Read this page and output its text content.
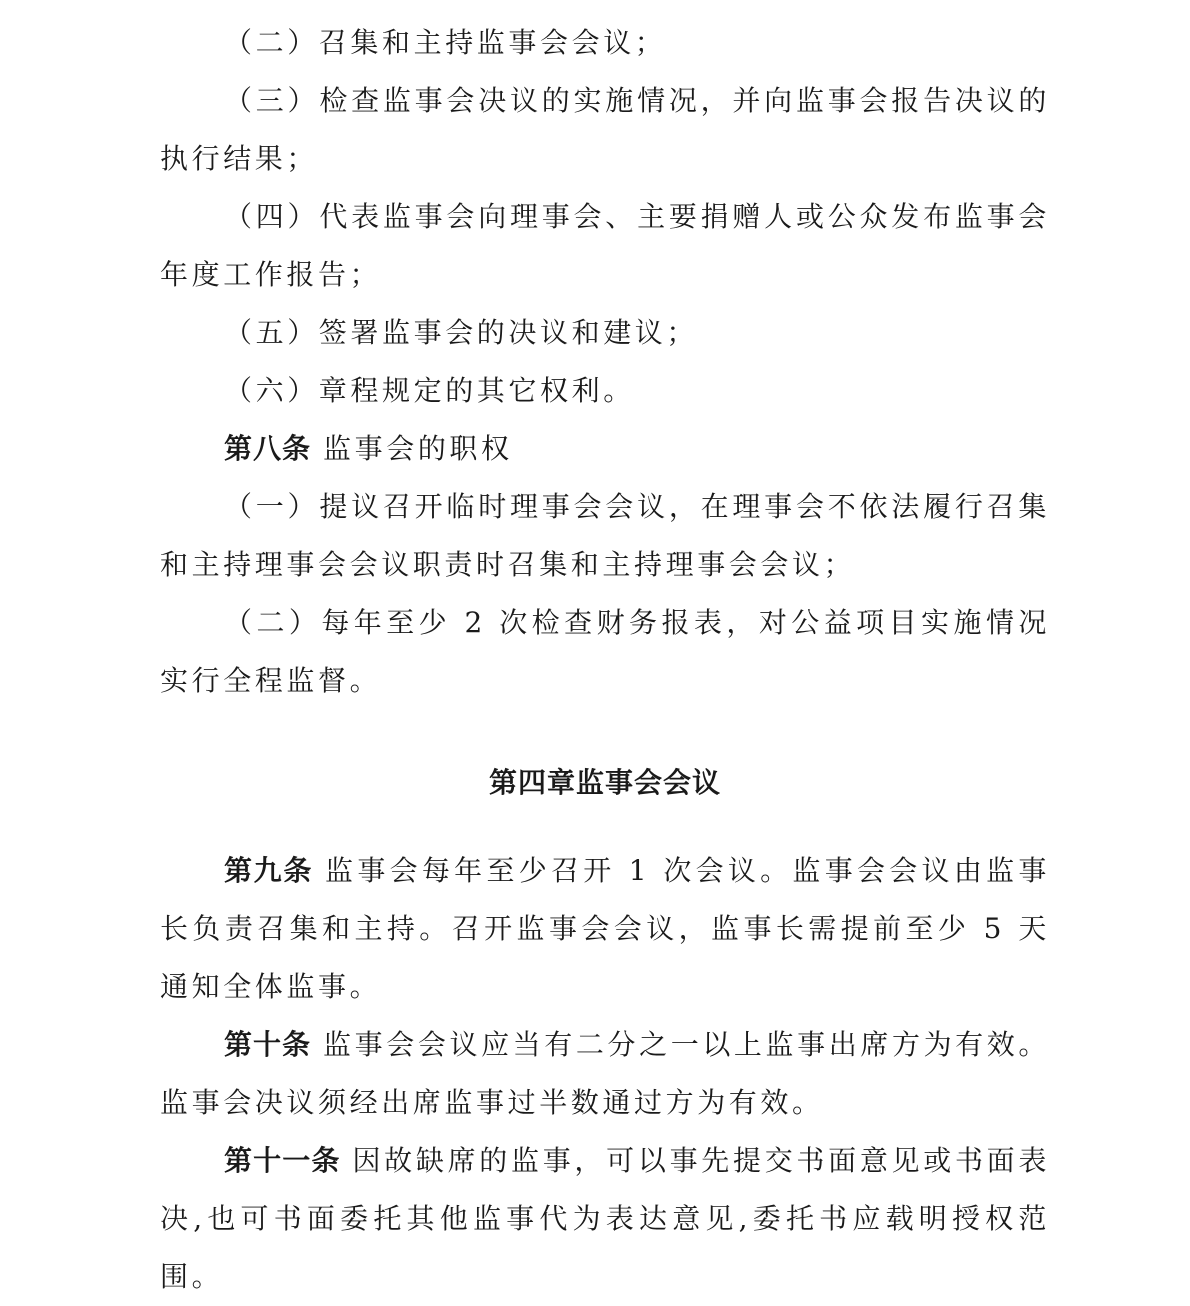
（二）召集和主持监事会会议；

（三）检查监事会决议的实施情况，并向监事会报告决议的执行结果；

（四）代表监事会向理事会、主要捐赠人或公众发布监事会年度工作报告；

（五）签署监事会的决议和建议；

（六）章程规定的其它权利。

第八条 监事会的职权

（一）提议召开临时理事会会议，在理事会不依法履行召集和主持理事会会议职责时召集和主持理事会会议；

（二）每年至少 2 次检查财务报表，对公益项目实施情况实行全程监督。

第四章监事会会议

第九条 监事会每年至少召开 1 次会议。监事会会议由监事长负责召集和主持。召开监事会会议，监事长需提前至少 5 天通知全体监事。

第十条 监事会会议应当有二分之一以上监事出席方为有效。监事会决议须经出席监事过半数通过方为有效。

第十一条 因故缺席的监事，可以事先提交书面意见或书面表决,也可书面委托其他监事代为表达意见,委托书应载明授权范围。
